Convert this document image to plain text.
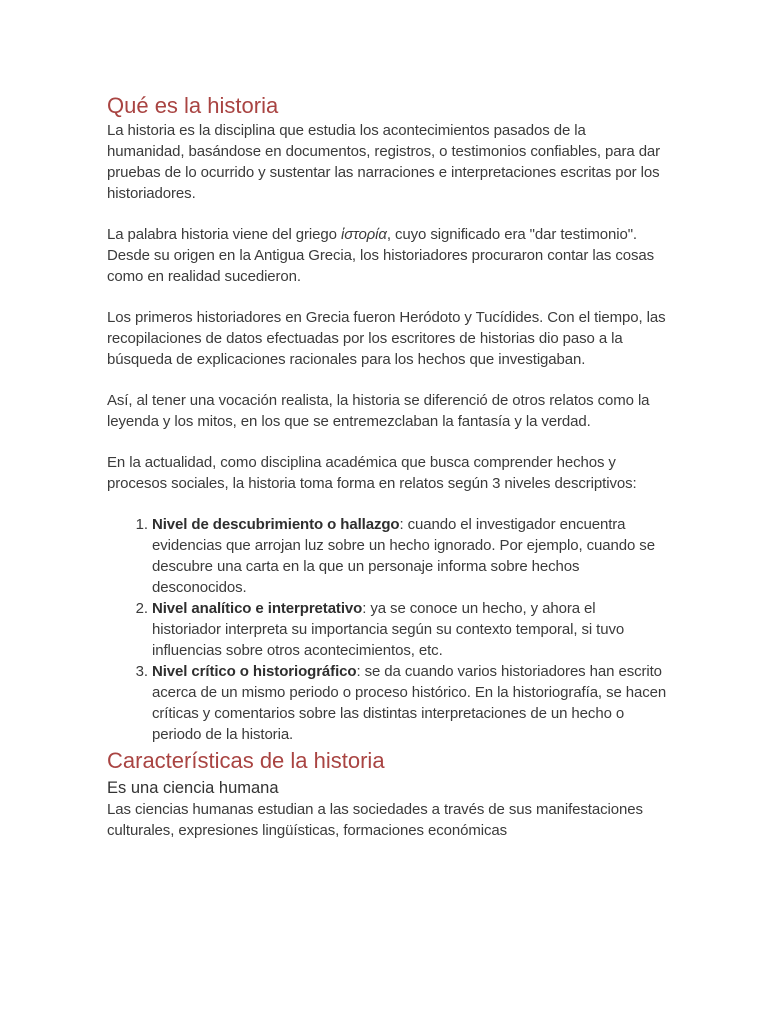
Qué es la historia

La historia es la disciplina que estudia los acontecimientos pasados de la humanidad, basándose en documentos, registros, o testimonios confiables, para dar pruebas de lo ocurrido y sustentar las narraciones e interpretaciones escritas por los historiadores.

La palabra historia viene del griego ἱστορία, cuyo significado era "dar testimonio". Desde su origen en la Antigua Grecia, los historiadores procuraron contar las cosas como en realidad sucedieron.

Los primeros historiadores en Grecia fueron Heródoto y Tucídides. Con el tiempo, las recopilaciones de datos efectuadas por los escritores de historias dio paso a la búsqueda de explicaciones racionales para los hechos que investigaban.

Así, al tener una vocación realista, la historia se diferenció de otros relatos como la leyenda y los mitos, en los que se entremezclaban la fantasía y la verdad.

En la actualidad, como disciplina académica que busca comprender hechos y procesos sociales, la historia toma forma en relatos según 3 niveles descriptivos:

1. Nivel de descubrimiento o hallazgo: cuando el investigador encuentra evidencias que arrojan luz sobre un hecho ignorado. Por ejemplo, cuando se descubre una carta en la que un personaje informa sobre hechos desconocidos.
2. Nivel analítico e interpretativo: ya se conoce un hecho, y ahora el historiador interpreta su importancia según su contexto temporal, si tuvo influencias sobre otros acontecimientos, etc.
3. Nivel crítico o historiográfico: se da cuando varios historiadores han escrito acerca de un mismo periodo o proceso histórico. En la historiografía, se hacen críticas y comentarios sobre las distintas interpretaciones de un hecho o periodo de la historia.
Características de la historia
Es una ciencia humana

Las ciencias humanas estudian a las sociedades a través de sus manifestaciones culturales, expresiones lingüísticas, formaciones económicas
